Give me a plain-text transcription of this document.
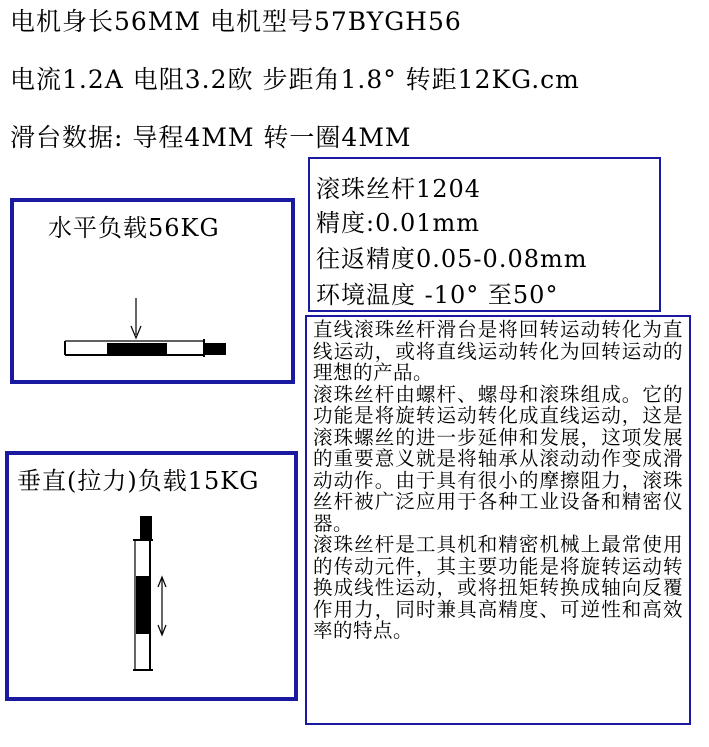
电机身长56MM 电机型号57BYGH56
电流1.2A 电阻3.2欧 步距角1.8° 转距12KG.cm
滑台数据: 导程4MM 转一圈4MM
水平负载56KG
垂直(拉力)负载15KG
滚珠丝杆1204
精度:0.01mm
往返精度0.05-0.08mm
环境温度 -10° 至50°

直线滚珠丝杆滑台是将回转运动转化为直线运动，或将直线运动转化为回转运动的理想的产品。

滚珠丝杆由螺杆、螺母和滚珠组成。它的功能是将旋转运动转化成直线运动，这是滚珠螺丝的进一步延伸和发展，这项发展的重要意义就是将轴承从滚动动作变成滑动动作。由于具有很小的摩擦阻力，滚珠丝杆被广泛应用于各种工业设备和精密仪器。

滚珠丝杆是工具机和精密机械上最常使用的传动元件，其主要功能是将旋转运动转换成线性运动，或将扭矩转换成轴向反覆作用力，同时兼具高精度、可逆性和高效率的特点。
